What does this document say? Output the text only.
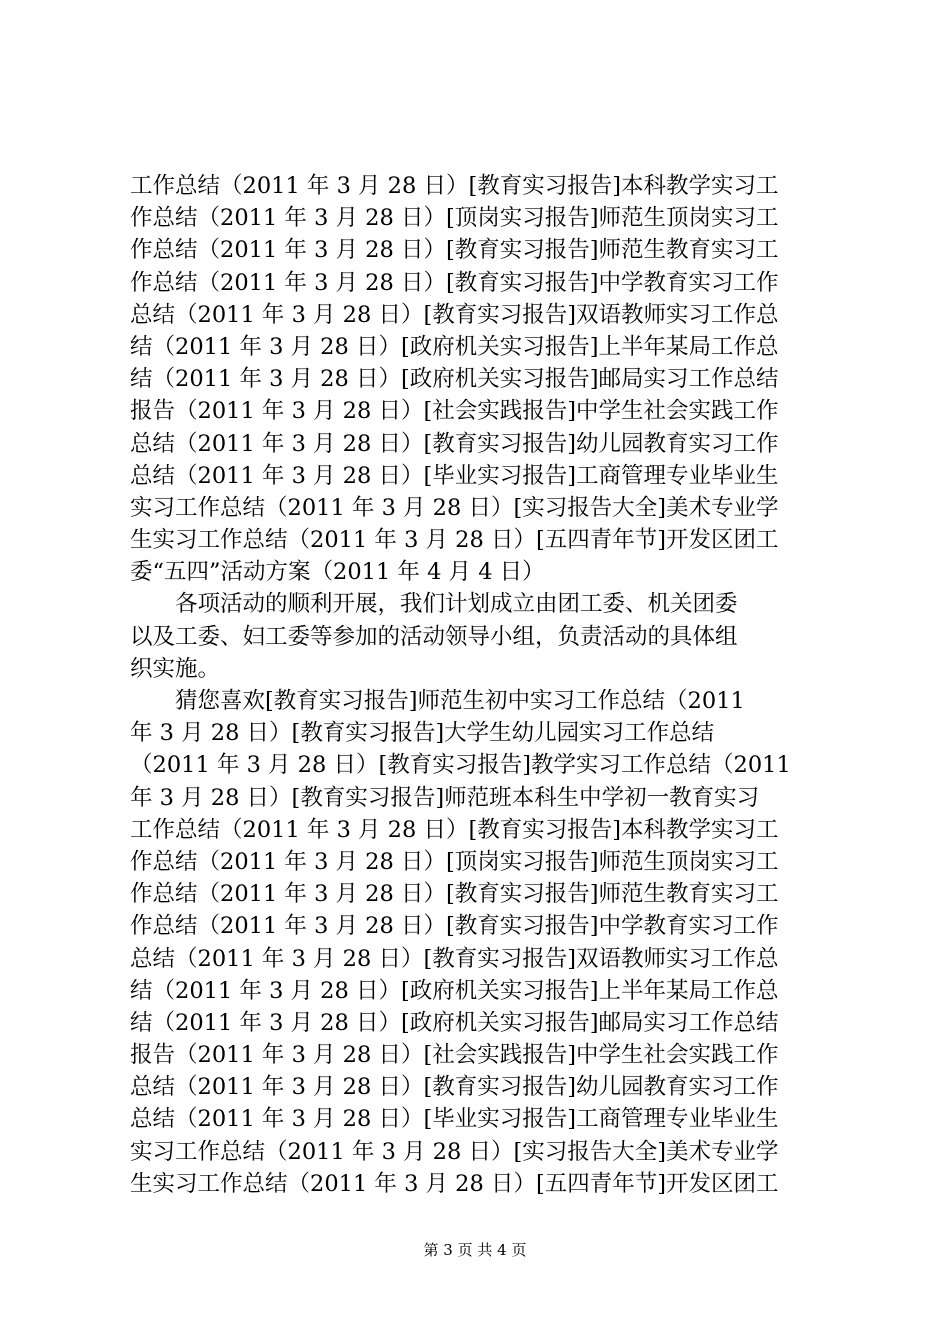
工作总结（2011 年 3 月 28 日）[教育实习报告]本科教学实习工
作总结（2011 年 3 月 28 日）[顶岗实习报告]师范生顶岗实习工
作总结（2011 年 3 月 28 日）[教育实习报告]师范生教育实习工
作总结（2011 年 3 月 28 日）[教育实习报告]中学教育实习工作
总结（2011 年 3 月 28 日）[教育实习报告]双语教师实习工作总
结（2011 年 3 月 28 日）[政府机关实习报告]上半年某局工作总
结（2011 年 3 月 28 日）[政府机关实习报告]邮局实习工作总结
报告（2011 年 3 月 28 日）[社会实践报告]中学生社会实践工作
总结（2011 年 3 月 28 日）[教育实习报告]幼儿园教育实习工作
总结（2011 年 3 月 28 日）[毕业实习报告]工商管理专业毕业生
实习工作总结（2011 年 3 月 28 日）[实习报告大全]美术专业学
生实习工作总结（2011 年 3 月 28 日）[五四青年节]开发区团工
委“五四”活动方案（2011 年 4 月 4 日）
　　各项活动的顺利开展，我们计划成立由团工委、机关团委
以及工委、妇工委等参加的活动领导小组，负责活动的具体组
织实施。
　　猜您喜欢[教育实习报告]师范生初中实习工作总结（2011
年 3 月 28 日）[教育实习报告]大学生幼儿园实习工作总结
（2011 年 3 月 28 日）[教育实习报告]教学实习工作总结（2011
年 3 月 28 日）[教育实习报告]师范班本科生中学初一教育实习
工作总结（2011 年 3 月 28 日）[教育实习报告]本科教学实习工
作总结（2011 年 3 月 28 日）[顶岗实习报告]师范生顶岗实习工
作总结（2011 年 3 月 28 日）[教育实习报告]师范生教育实习工
作总结（2011 年 3 月 28 日）[教育实习报告]中学教育实习工作
总结（2011 年 3 月 28 日）[教育实习报告]双语教师实习工作总
结（2011 年 3 月 28 日）[政府机关实习报告]上半年某局工作总
结（2011 年 3 月 28 日）[政府机关实习报告]邮局实习工作总结
报告（2011 年 3 月 28 日）[社会实践报告]中学生社会实践工作
总结（2011 年 3 月 28 日）[教育实习报告]幼儿园教育实习工作
总结（2011 年 3 月 28 日）[毕业实习报告]工商管理专业毕业生
实习工作总结（2011 年 3 月 28 日）[实习报告大全]美术专业学
生实习工作总结（2011 年 3 月 28 日）[五四青年节]开发区团工
第 3 页 共 4 页
